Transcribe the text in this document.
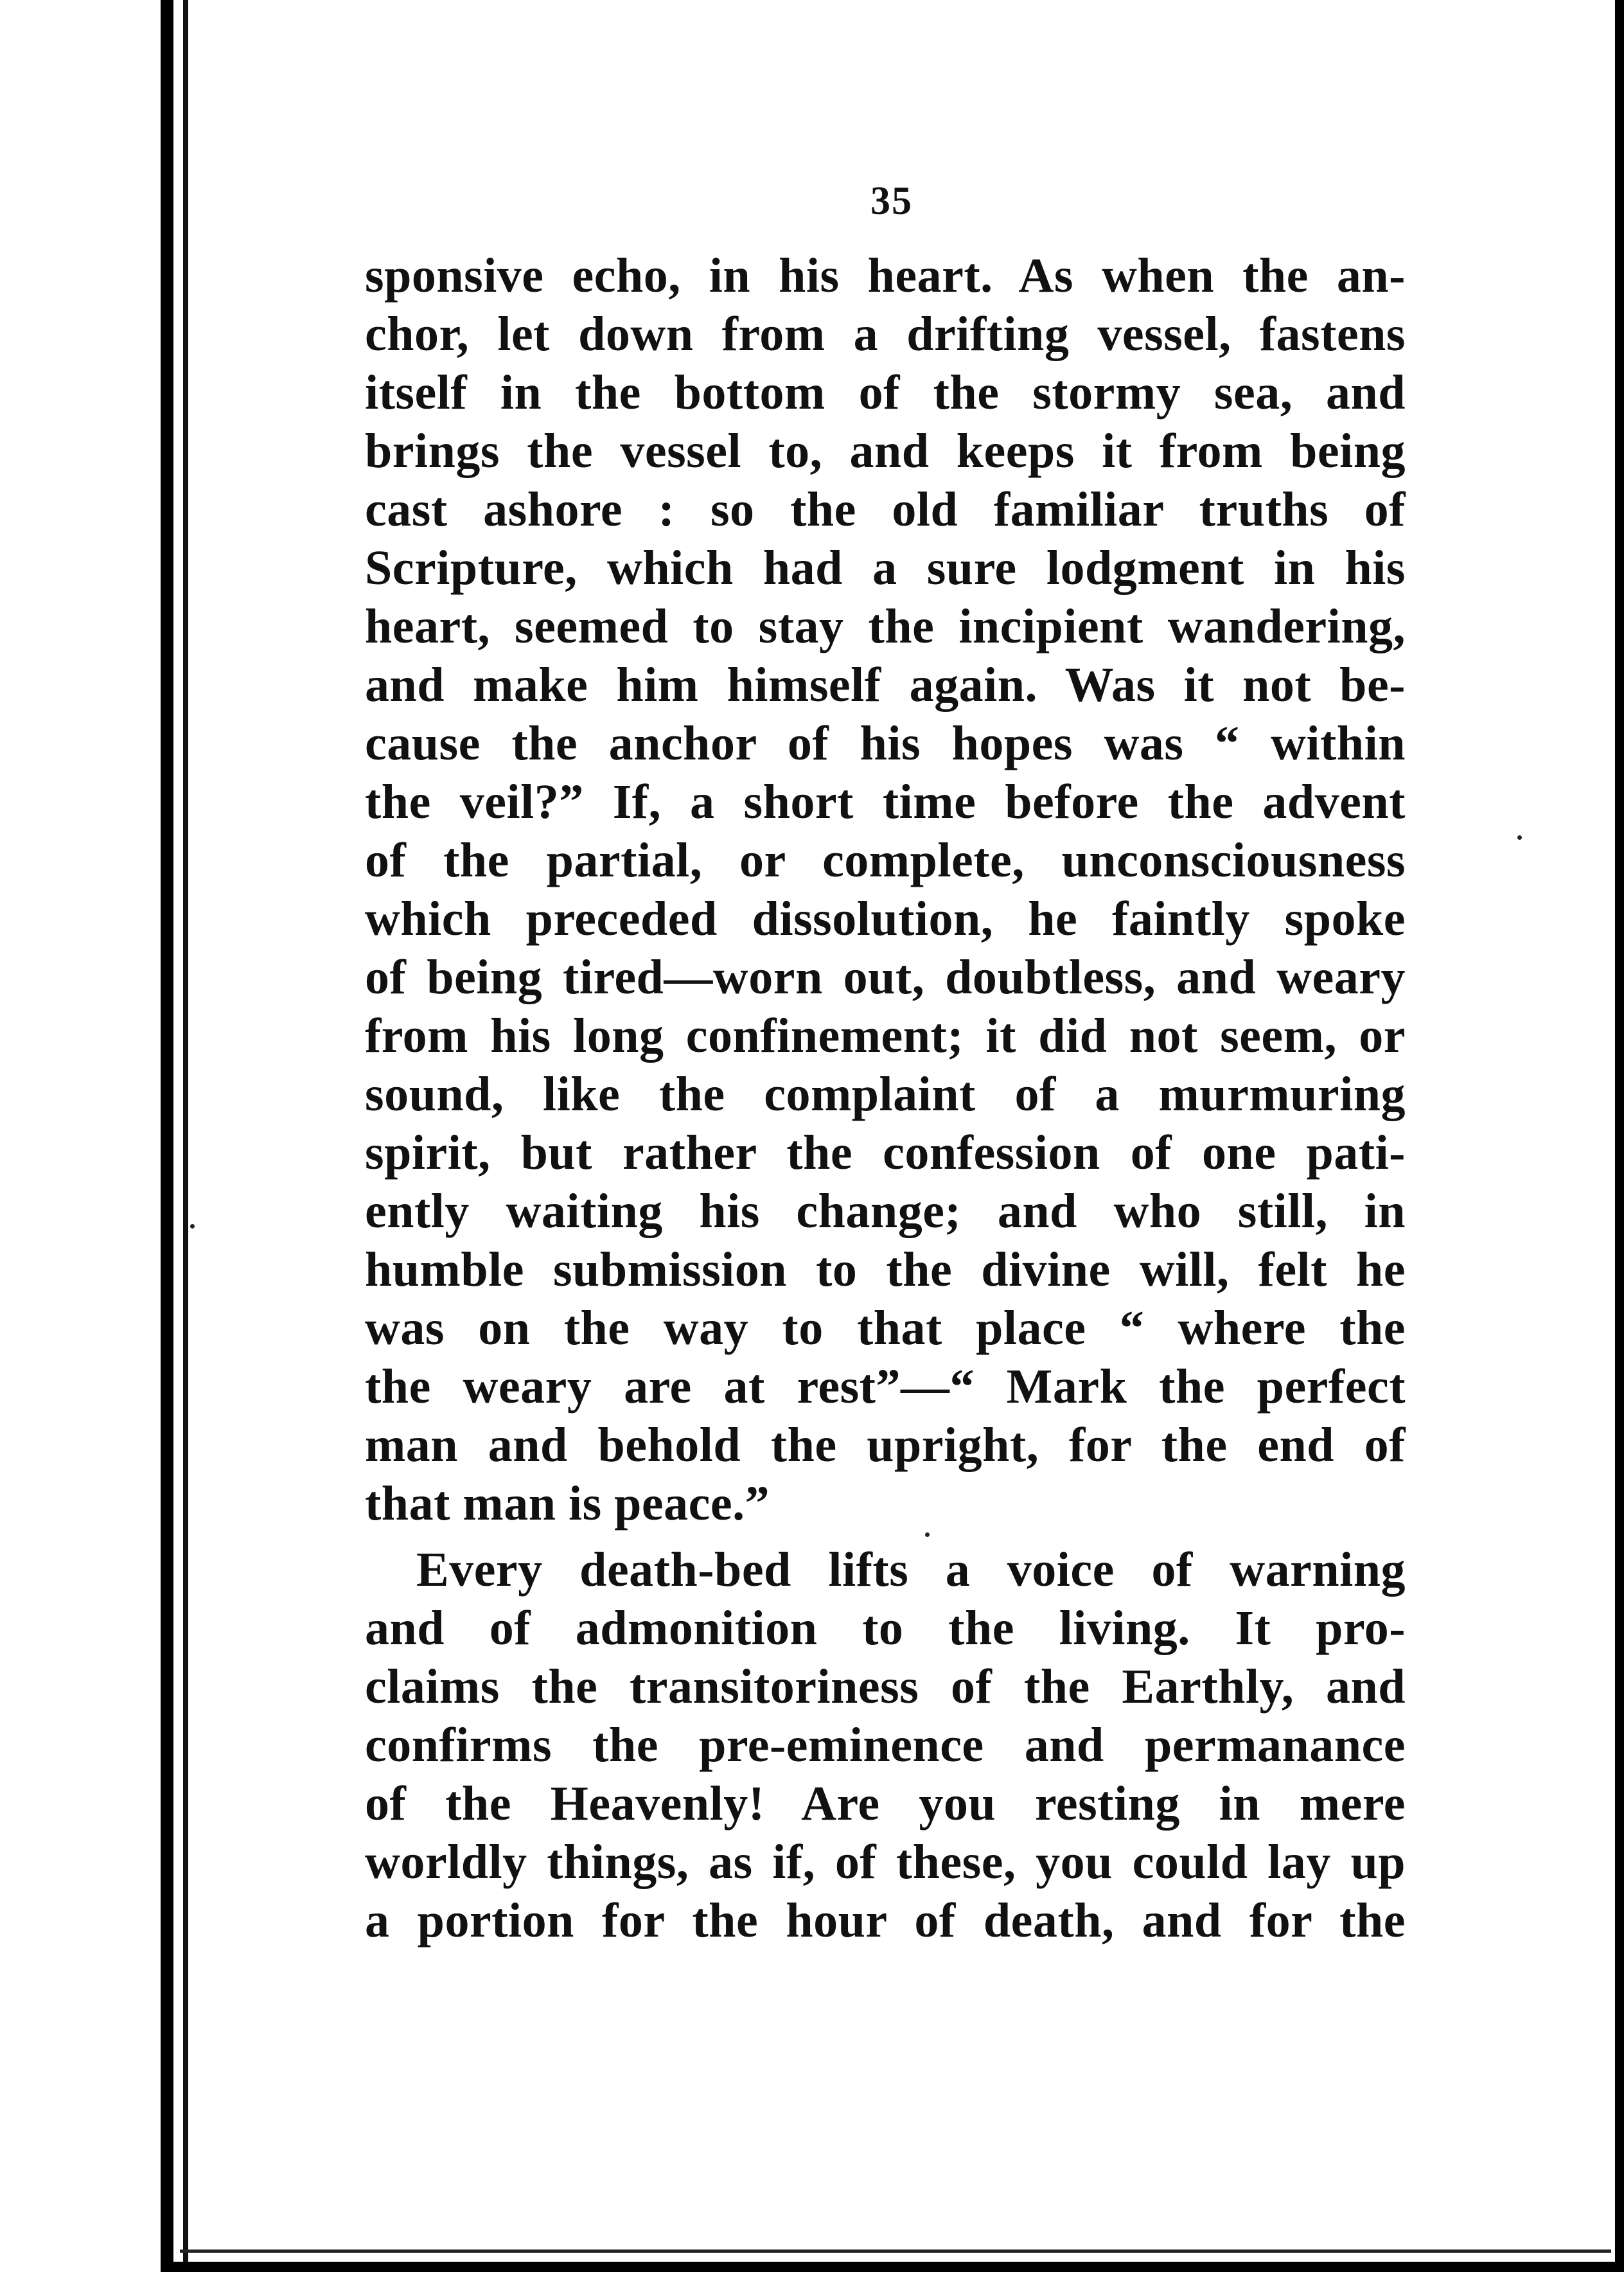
35
sponsive echo, in his heart. As when the an-
chor, let down from a drifting vessel, fastens
itself in the bottom of the stormy sea, and
brings the vessel to, and keeps it from being
cast ashore : so the old familiar truths of
Scripture, which had a sure lodgment in his
heart, seemed to stay the incipient wandering,
and make him himself again. Was it not be-
cause the anchor of his hopes was “ within
the veil?” If, a short time before the advent
of the partial, or complete, unconsciousness
which preceded dissolution, he faintly spoke
of being tired—worn out, doubtless, and weary
from his long confinement; it did not seem, or
sound, like the complaint of a murmuring
spirit, but rather the confession of one pati-
ently waiting his change; and who still, in
humble submission to the divine will, felt he
was on the way to that place “ where the
the weary are at rest”—“ Mark the perfect
man and behold the upright, for the end of
that man is peace.”
Every death-bed lifts a voice of warning
and of admonition to the living. It pro-
claims the transitoriness of the Earthly, and
confirms the pre-eminence and permanance
of the Heavenly! Are you resting in mere
worldly things, as if, of these, you could lay up
a portion for the hour of death, and for the
